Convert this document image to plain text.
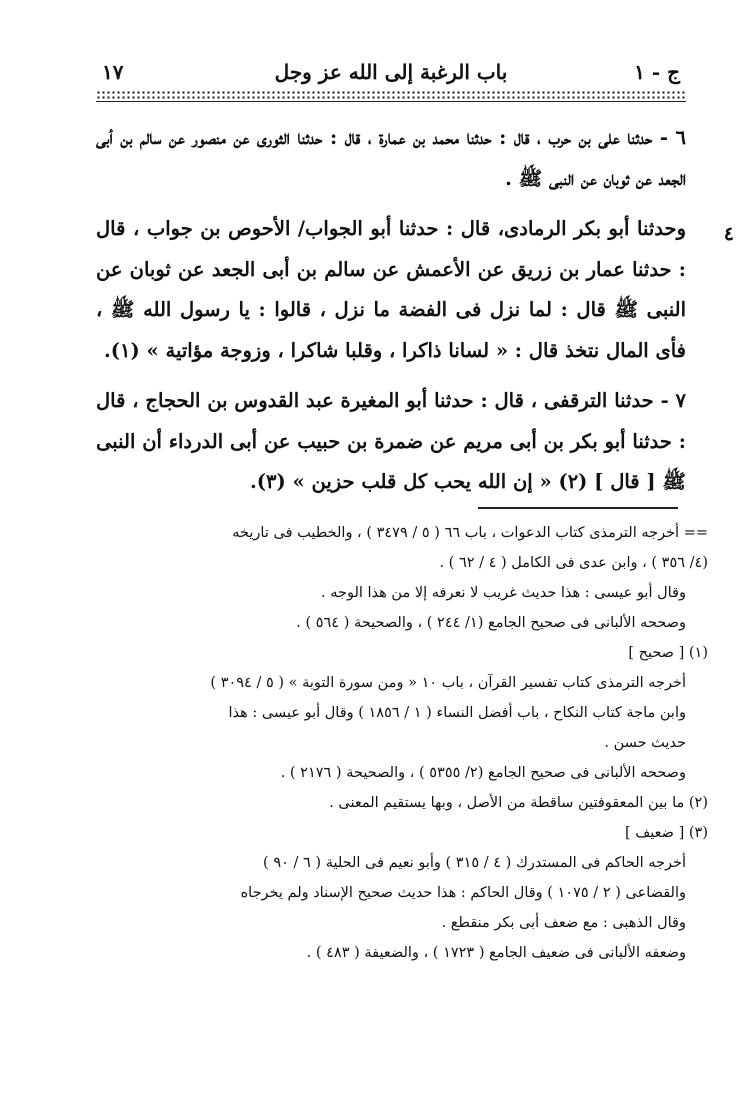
ج - ١
باب الرغبة إلى الله عز وجل
١٧
٤

٦ - حدثنا على بن حرب ، قال : حدثنا محمد بن عمارة ، قال : حدثنا الثورى عن منصور عن سالم بن أبى الجعد عن ثوبان عن النبى ﷺ .

وحدثنا أبو بكر الرمادى، قال : حدثنا أبو الجواب/ الأحوص بن جواب ، قال : حدثنا عمار بن زريق عن الأعمش عن سالم بن أبى الجعد عن ثوبان عن النبى ﷺ قال : لما نزل فى الفضة ما نزل ، قالوا : يا رسول الله ﷺ ، فأى المال نتخذ قال : « لسانا ذاكرا ، وقلبا شاكرا ، وزوجة مؤاتية » (١).

٧ - حدثنا الترقفى ، قال : حدثنا أبو المغيرة عبد القدوس بن الحجاج ، قال : حدثنا أبو بكر بن أبى مريم عن ضمرة بن حبيب عن أبى الدرداء أن النبى ﷺ [ قال ] (٢) « إن الله يحب كل قلب حزين » (٣).

== أخرجه الترمذى كتاب الدعوات ، باب ٦٦ ( ٥ / ٣٤٧٩ ) ، والخطيب فى تاريخه
(٤/ ٣٥٦ ) ، وابن عدى فى الكامل ( ٤ / ٦٢ ) .

وقال أبو عيسى : هذا حديث غريب لا نعرفه إلا من هذا الوجه .
وصححه الألبانى فى صحيح الجامع (١/ ٢٤٤ ) ، والصحيحة ( ٥٦٤ ) .

(١) [ صحيح ]

أخرجه الترمذى كتاب تفسير القرآن ، باب ١٠ « ومن سورة التوبة » ( ٥ / ٣٠٩٤ )
وابن ماجة كتاب النكاح ، باب أفضل النساء ( ١ / ١٨٥٦ ) وقال أبو عيسى : هذا
حديث حسن .
وصححه الألبانى فى صحيح الجامع (٢/ ٥٣٥٥ ) ، والصحيحة ( ٢١٧٦ ) .

(٢) ما بين المعقوفتين ساقطة من الأصل ، وبها يستقيم المعنى .
(٣) [ ضعيف ]

أخرجه الحاكم فى المستدرك ( ٤ / ٣١٥ ) وأبو نعيم فى الحلية ( ٦ / ٩٠ )
والقضاعى ( ٢ / ١٠٧٥ ) وقال الحاكم : هذا حديث صحيح الإسناد ولم يخرجاه
وقال الذهبى : مع ضعف أبى بكر منقطع .
وضعفه الألبانى فى ضعيف الجامع ( ١٧٢٣ ) ، والضعيفة ( ٤٨٣ ) .
